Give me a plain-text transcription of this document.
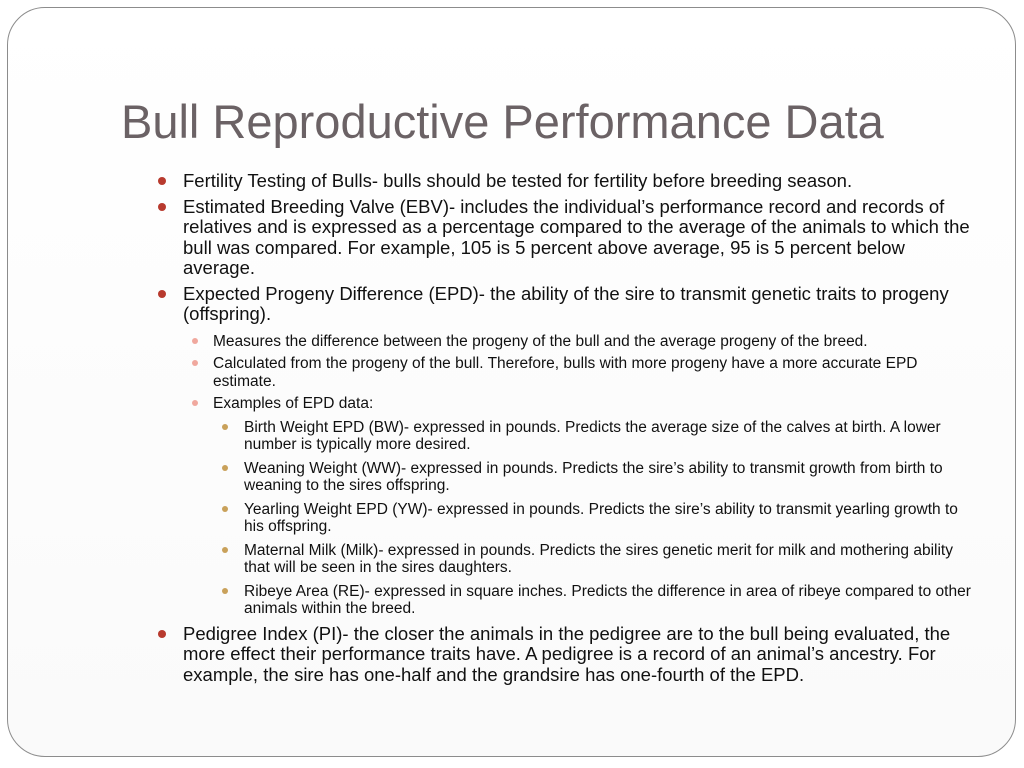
Bull Reproductive Performance Data
Fertility Testing of Bulls- bulls should be tested for fertility before breeding season.
Estimated Breeding Valve (EBV)- includes the individual’s performance record and records of relatives and is expressed as a percentage compared to the average of the animals to which the bull was compared. For example, 105 is 5 percent above average, 95 is 5 percent below average.
Expected Progeny Difference (EPD)- the ability of the sire to transmit genetic traits to progeny (offspring).
Measures the difference between the progeny of the bull and the average progeny of the breed.
Calculated from the progeny of the bull. Therefore, bulls with more progeny have a more accurate EPD estimate.
Examples of EPD data:
Birth Weight EPD (BW)- expressed in pounds. Predicts the average size of the calves at birth. A lower number is typically more desired.
Weaning Weight (WW)- expressed in pounds. Predicts the sire’s ability to transmit growth from birth to weaning to the sires offspring.
Yearling Weight EPD (YW)- expressed in pounds. Predicts the sire’s ability to transmit yearling growth to his offspring.
Maternal Milk (Milk)- expressed in pounds. Predicts the sires genetic merit for milk and mothering ability that will be seen in the sires daughters.
Ribeye Area (RE)- expressed in square inches. Predicts the difference in area of ribeye compared to other animals within the breed.
Pedigree Index (PI)- the closer the animals in the pedigree are to the bull being evaluated, the more effect their performance traits have. A pedigree is a record of an animal’s ancestry. For example, the sire has one-half and the grandsire has one-fourth of the EPD.
